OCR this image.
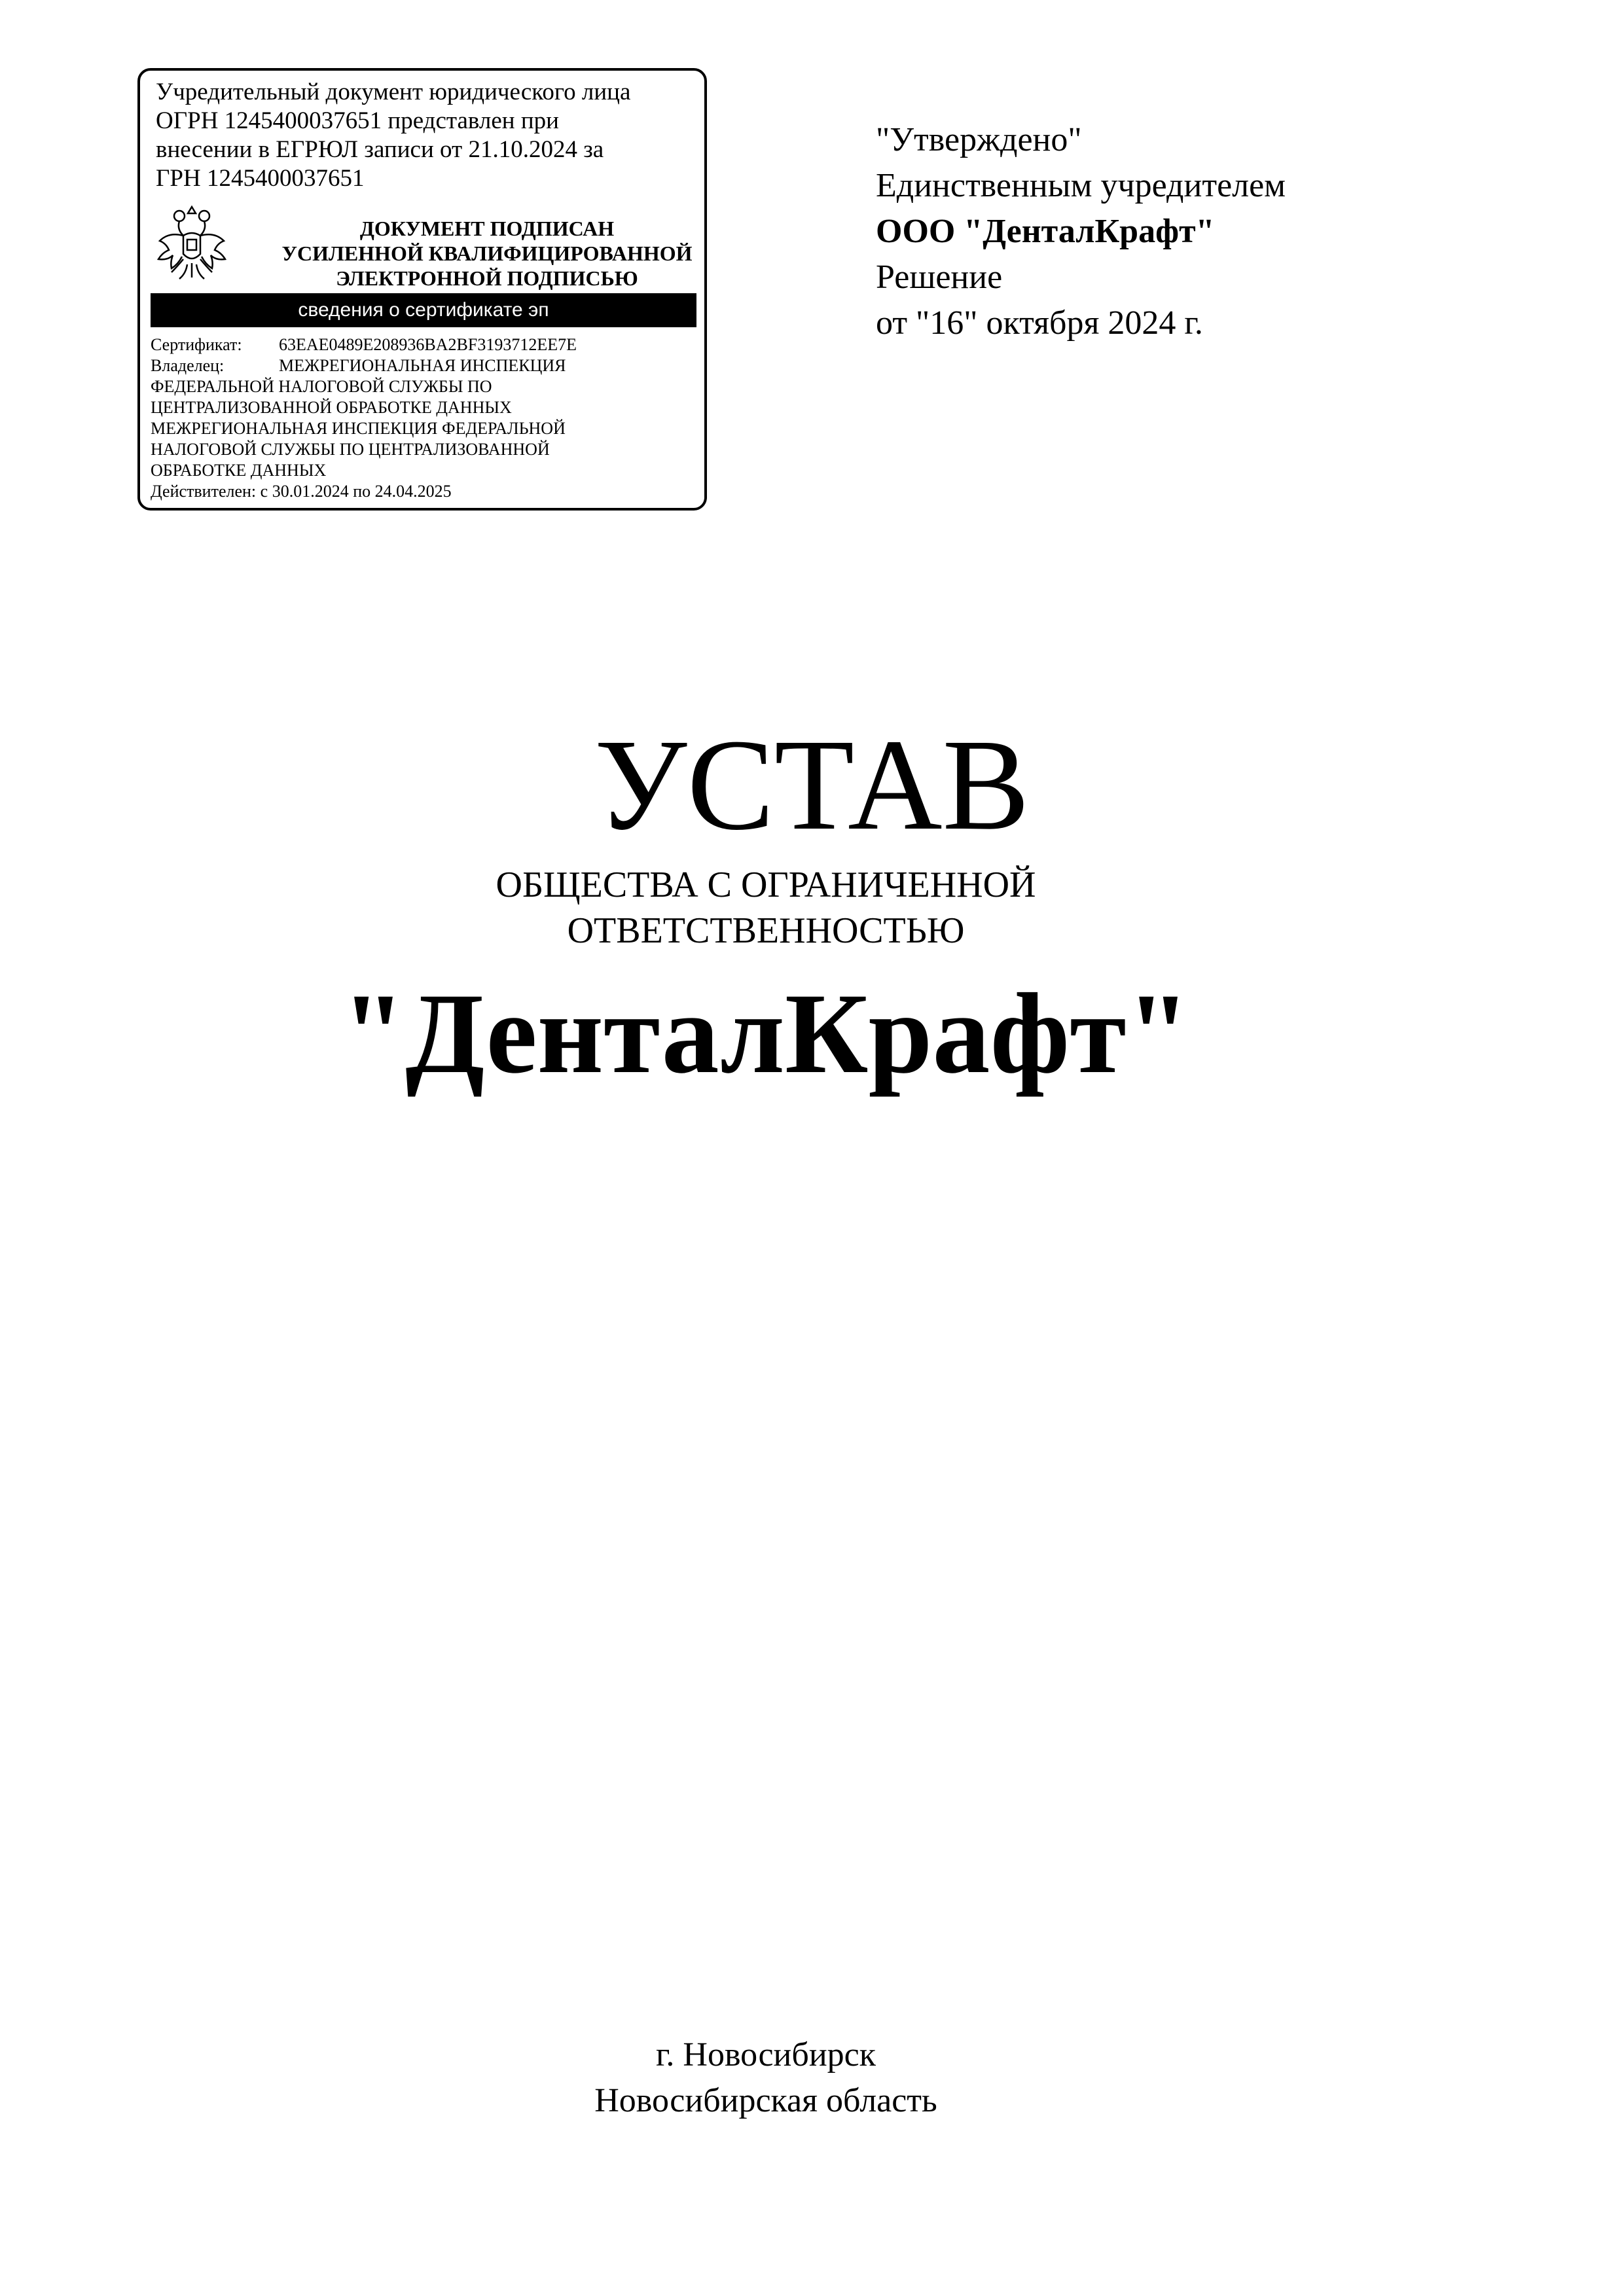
Учредительный документ юридического лица
ОГРН 1245400037651 представлен при
внесении в ЕГРЮЛ записи от 21.10.2024 за
ГРН 1245400037651
ДОКУМЕНТ ПОДПИСАН
УСИЛЕННОЙ КВАЛИФИЦИРОВАННОЙ
ЭЛЕКТРОННОЙ ПОДПИСЬЮ
сведения о сертификате эп
Сертификат: 63EAE0489E208936BA2BF3193712EE7E
Владелец:	МЕЖРЕГИОНАЛЬНАЯ ИНСПЕКЦИЯ
ФЕДЕРАЛЬНОЙ НАЛОГОВОЙ СЛУЖБЫ ПО
ЦЕНТРАЛИЗОВАННОЙ ОБРАБОТКЕ ДАННЫХ
МЕЖРЕГИОНАЛЬНАЯ ИНСПЕКЦИЯ ФЕДЕРАЛЬНОЙ
НАЛОГОВОЙ СЛУЖБЫ ПО ЦЕНТРАЛИЗОВАННОЙ
ОБРАБОТКЕ ДАННЫХ
Действителен: с 30.01.2024 по 24.04.2025
"Утверждено"
Единственным учредителем
ООО "ДенталКрафт"
Решение
от "16" октября 2024 г.
УСТАВ
ОБЩЕСТВА С ОГРАНИЧЕННОЙ
ОТВЕТСТВЕННОСТЬЮ
"ДенталКрафт"
г. Новосибирск
Новосибирская область
